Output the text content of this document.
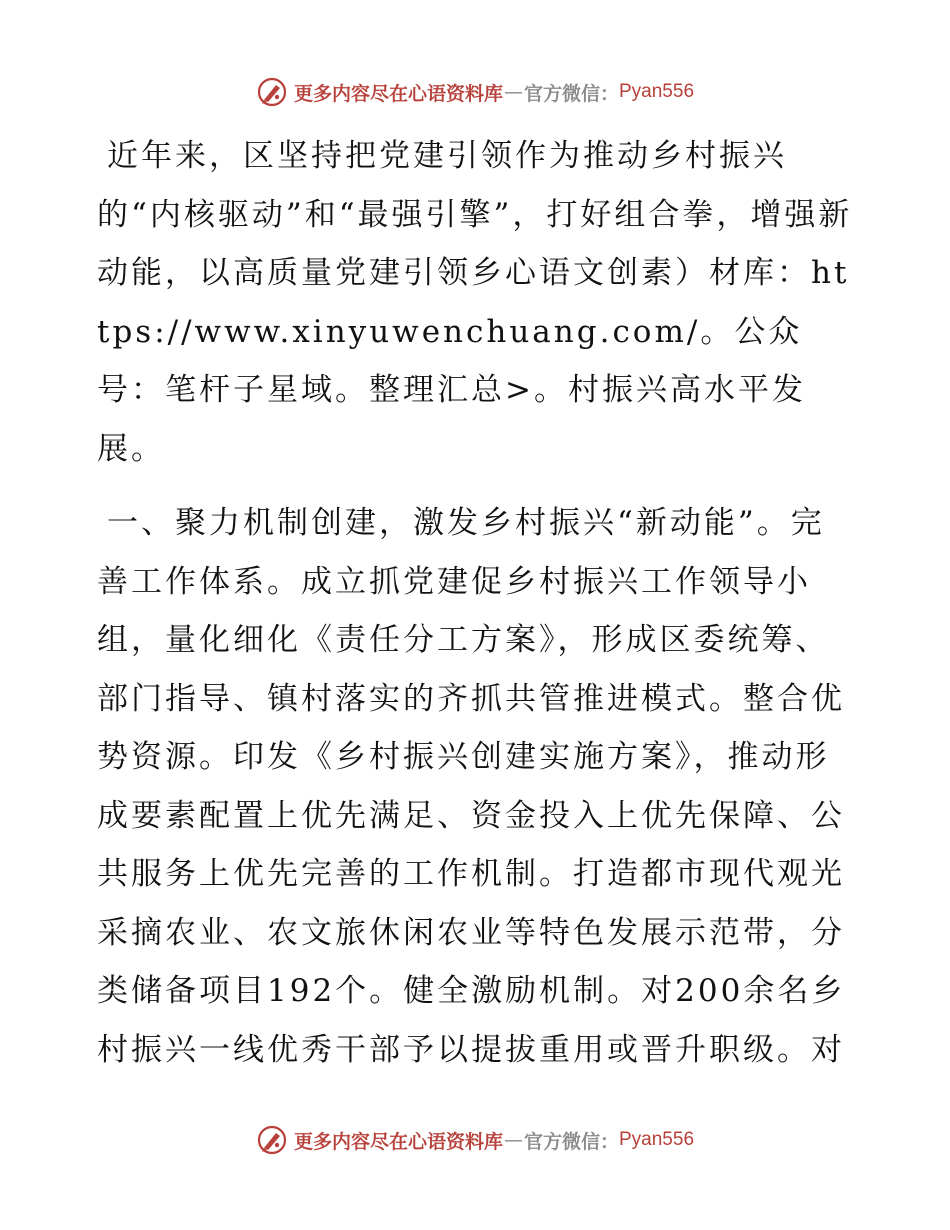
更多内容尽在心语资料库 — 官方微信： Pyan556

近年来，区坚持把党建引领作为推动乡村振兴的“内核驱动”和“最强引擎”，打好组合拳，增强新动能，以高质量党建引领乡心语文创素）材库：https://www.xinyuwenchuang.com/。公众号：笔杆子星域。整理汇总>。村振兴高水平发展。

一、聚力机制创建，激发乡村振兴“新动能”。完善工作体系。成立抓党建促乡村振兴工作领导小组，量化细化《责任分工方案》，形成区委统筹、部门指导、镇村落实的齐抓共管推进模式。整合优势资源。印发《乡村振兴创建实施方案》，推动形成要素配置上优先满足、资金投入上优先保障、公共服务上优先完善的工作机制。打造都市现代观光采摘农业、农文旅休闲农业等特色发展示范带，分类储备项目192个。健全激励机制。对200余名乡村振兴一线优秀干部予以提拔重用或晋升职级。对

更多内容尽在心语资料库 — 官方微信： Pyan556
